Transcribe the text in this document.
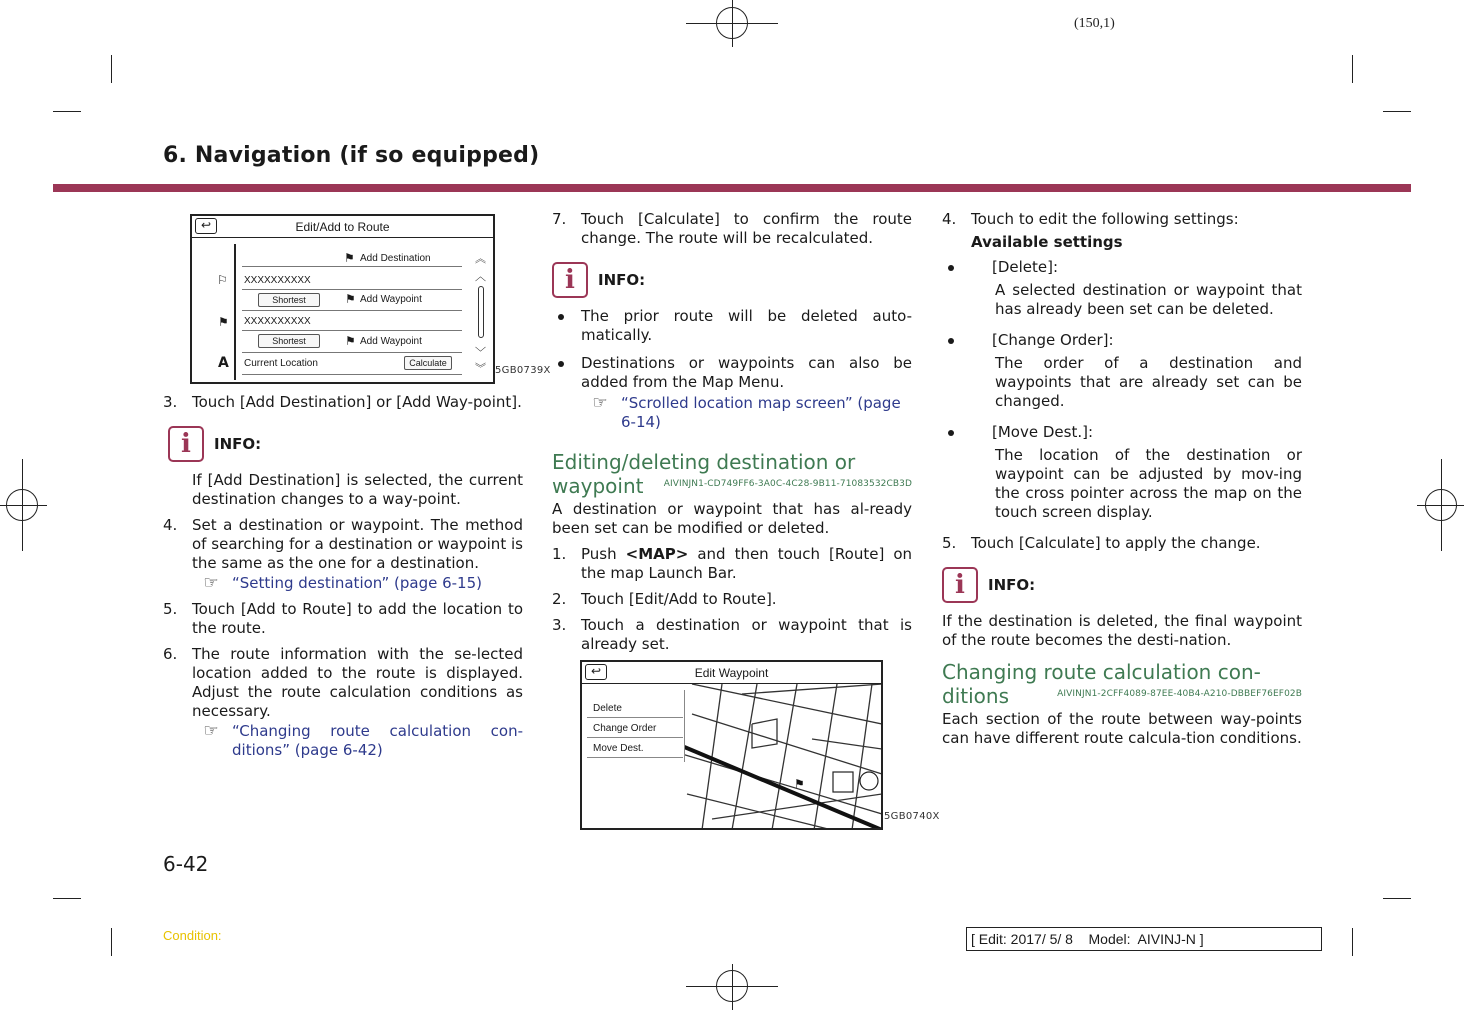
(150,1)
6. Navigation (if so equipped)
↩	Edit/Add to Route
︽
︿
﹀
︾
⚑ Add Destination
⚐ XXXXXXXXXX
Shortest	⚑ Add Waypoint
⚑ XXXXXXXXXX
Shortest	⚑ Add Waypoint
A Current Location	Calculate
5GB0739X
3. Touch [Add Destination] or [Add Way-point].
i INFO:
If [Add Destination] is selected, the current destination changes to a way-point.
4. Set a destination or waypoint. The method of searching for a destination or waypoint is the same as the one for a destination.
☞ “Setting destination” (page 6-15)
5. Touch [Add to Route] to add the location to the route.
6. The route information with the se-lected location added to the route is displayed. Adjust the route calculation conditions as necessary.
☞ “Changing route calculation con-ditions” (page 6-42)
7. Touch [Calculate] to confirm the route change. The route will be recalculated.
i INFO:
The prior route will be deleted auto-matically.
Destinations or waypoints can also be added from the Map Menu.
☞ “Scrolled location map screen” (page 6-14)
Editing/deleting destination or waypoint AIVINJN1-CD749FF6-3A0C-4C28-9B11-71083532CB3D
A destination or waypoint that has al-ready been set can be modified or deleted.
1. Push <MAP> and then touch [Route] on the map Launch Bar.
2. Touch [Edit/Add to Route].
3. Touch a destination or waypoint that is already set.
↩	Edit Waypoint
⚑
Delete
Change Order
Move Dest.
5GB0740X
4. Touch to edit the following settings:
Available settings
[Delete]:
A selected destination or waypoint that has already been set can be deleted.
[Change Order]:
The order of a destination and waypoints that are already set can be changed.
[Move Dest.]:
The location of the destination or waypoint can be adjusted by mov-ing the cross pointer across the map on the touch screen display.
5. Touch [Calculate] to apply the change.
i INFO:
If the destination is deleted, the final waypoint of the route becomes the desti-nation.
Changing route calculation con-ditions	AIVINJN1-2CFF4089-87EE-40B4-A210-DBBEF76EF02B
Each section of the route between way-points can have different route calcula-tion conditions.
6-42
Condition:	[ Edit: 2017/ 5/ 8    Model:  AIVINJ-N ]
